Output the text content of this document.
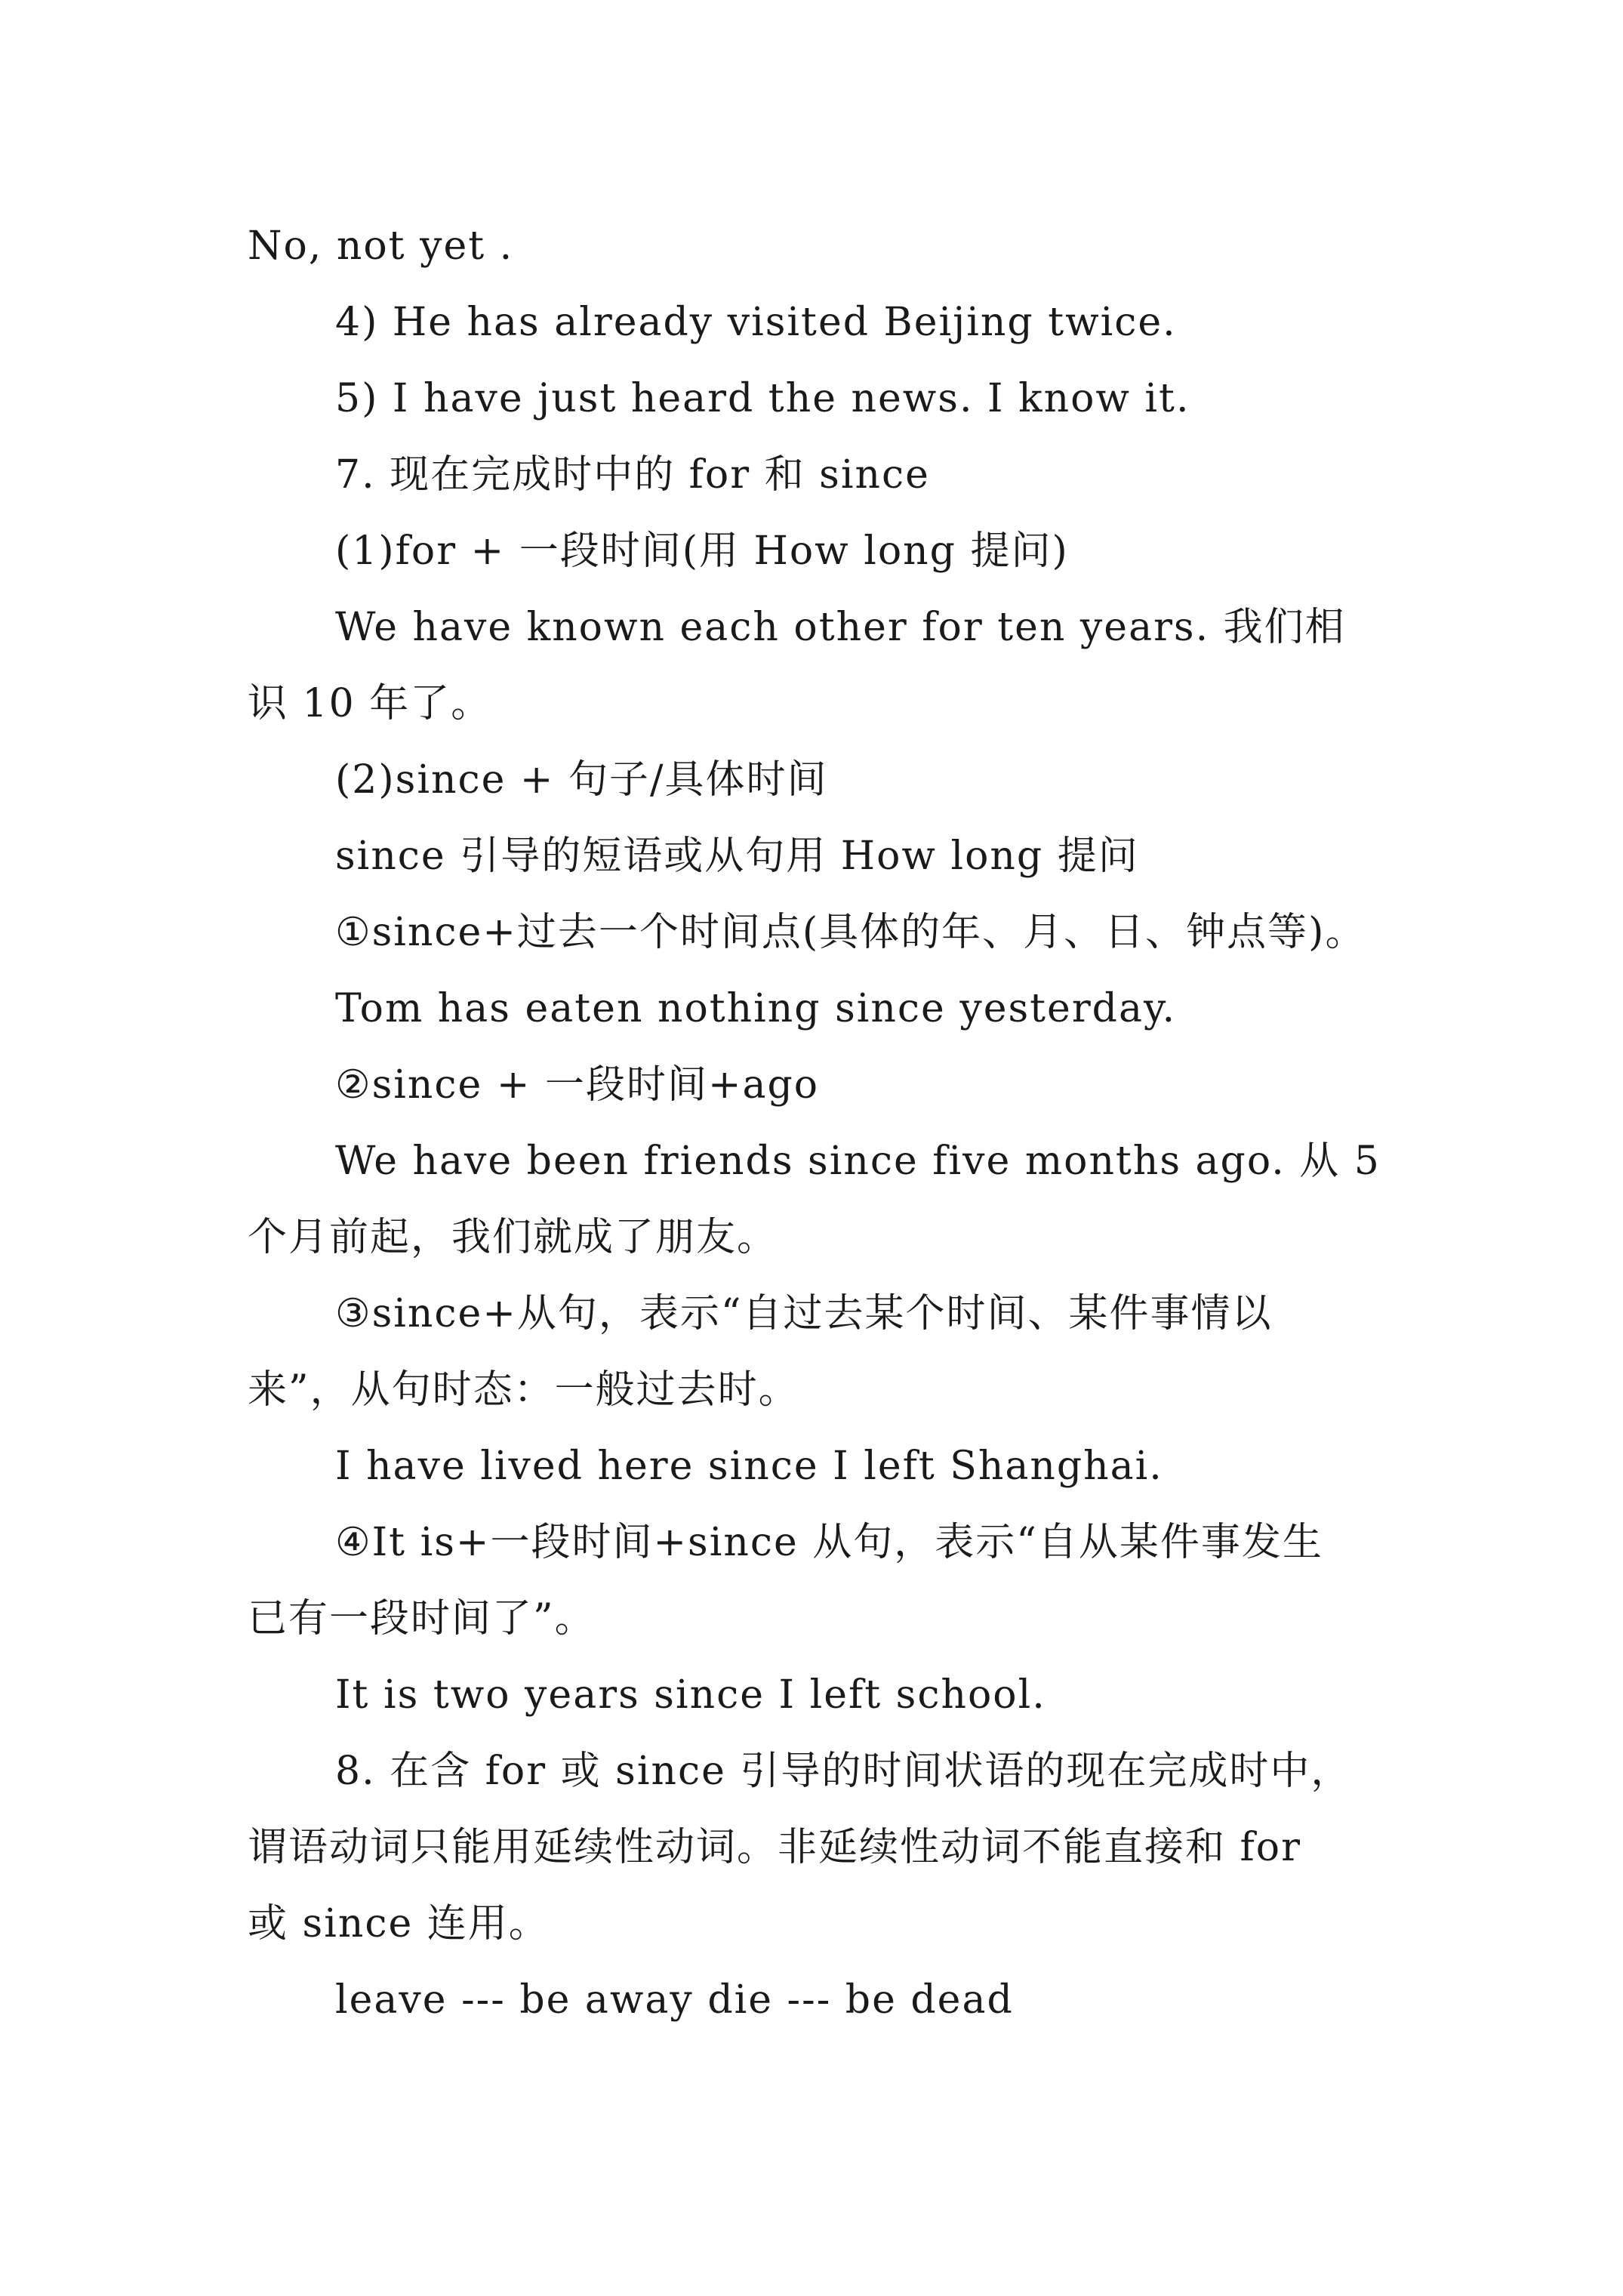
No, not yet .
4) He has already visited Beijing twice.
5) I have just heard the news. I know it.
7. 现在完成时中的 for 和 since
(1)for + 一段时间(用 How long 提问)
We have known each other for ten years. 我们相
识 10 年了。
(2)since + 句子/具体时间
since 引导的短语或从句用 How long 提问
①since+过去一个时间点(具体的年、月、日、钟点等)。
Tom has eaten nothing since yesterday.
②since + 一段时间+ago
We have been friends since five months ago. 从 5
个月前起，我们就成了朋友。
③since+从句，表示“自过去某个时间、某件事情以
来”，从句时态：一般过去时。
I have lived here since I left Shanghai.
④It is+一段时间+since 从句，表示“自从某件事发生
已有一段时间了”。
It is two years since I left school.
8. 在含 for 或 since 引导的时间状语的现在完成时中，
谓语动词只能用延续性动词。非延续性动词不能直接和 for
或 since 连用。
leave --- be away die --- be dead
